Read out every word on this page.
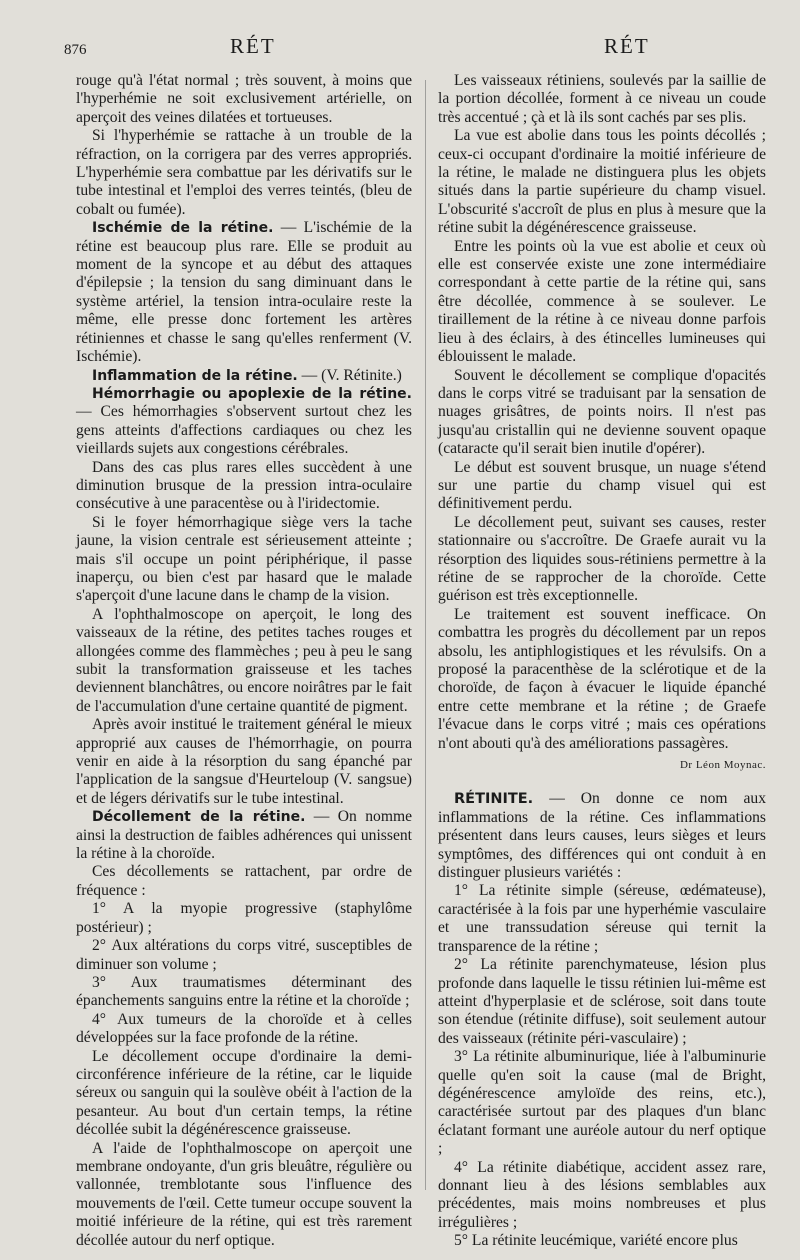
876	RÉT	RÉT

rouge qu'à l'état normal ; très souvent, à moins que l'hyperhémie ne soit exclusivement artérielle, on aperçoit des veines dilatées et tortueuses.

Si l'hyperhémie se rattache à un trouble de la réfraction, on la corrigera par des verres appropriés. L'hyperhémie sera combattue par les dérivatifs sur le tube intestinal et l'emploi des verres teintés, (bleu de cobalt ou fumée).

Ischémie de la rétine. — L'ischémie de la rétine est beaucoup plus rare. Elle se produit au moment de la syncope et au début des attaques d'épilepsie ; la tension du sang diminuant dans le système artériel, la tension intra-oculaire reste la même, elle presse donc fortement les artères rétiniennes et chasse le sang qu'elles renferment (V. Ischémie).

Inflammation de la rétine. — (V. Rétinite.)

Hémorrhagie ou apoplexie de la rétine. — Ces hémorrhagies s'observent surtout chez les gens atteints d'affections cardiaques ou chez les vieillards sujets aux congestions cérébrales.

Dans des cas plus rares elles succèdent à une diminution brusque de la pression intra-oculaire consécutive à une paracentèse ou à l'iridectomie.

Si le foyer hémorrhagique siège vers la tache jaune, la vision centrale est sérieusement atteinte ; mais s'il occupe un point périphérique, il passe inaperçu, ou bien c'est par hasard que le malade s'aperçoit d'une lacune dans le champ de la vision.

A l'ophthalmoscope on aperçoit, le long des vaisseaux de la rétine, des petites taches rouges et allongées comme des flammèches ; peu à peu le sang subit la transformation graisseuse et les taches deviennent blanchâtres, ou encore noirâtres par le fait de l'accumulation d'une certaine quantité de pigment.

Après avoir institué le traitement général le mieux approprié aux causes de l'hémorrhagie, on pourra venir en aide à la résorption du sang épanché par l'application de la sangsue d'Heurteloup (V. sangsue) et de légers dérivatifs sur le tube intestinal.

Décollement de la rétine. — On nomme ainsi la destruction de faibles adhérences qui unissent la rétine à la choroïde.

Ces décollements se rattachent, par ordre de fréquence :

1° A la myopie progressive (staphylôme postérieur) ;

2° Aux altérations du corps vitré, susceptibles de diminuer son volume ;

3° Aux traumatismes déterminant des épanchements sanguins entre la rétine et la choroïde ;

4° Aux tumeurs de la choroïde et à celles développées sur la face profonde de la rétine.

Le décollement occupe d'ordinaire la demi-circonférence inférieure de la rétine, car le liquide séreux ou sanguin qui la soulève obéit à l'action de la pesanteur. Au bout d'un certain temps, la rétine décollée subit la dégénérescence graisseuse.

A l'aide de l'ophthalmoscope on aperçoit une membrane ondoyante, d'un gris bleuâtre, régulière ou vallonnée, tremblotante sous l'influence des mouvements de l'œil. Cette tumeur occupe souvent la moitié inférieure de la rétine, qui est très rarement décollée autour du nerf optique.

Les vaisseaux rétiniens, soulevés par la saillie de la portion décollée, forment à ce niveau un coude très accentué ; çà et là ils sont cachés par ses plis.

La vue est abolie dans tous les points décollés ; ceux-ci occupant d'ordinaire la moitié inférieure de la rétine, le malade ne distinguera plus les objets situés dans la partie supérieure du champ visuel. L'obscurité s'accroît de plus en plus à mesure que la rétine subit la dégénérescence graisseuse.

Entre les points où la vue est abolie et ceux où elle est conservée existe une zone intermédiaire correspondant à cette partie de la rétine qui, sans être décollée, commence à se soulever. Le tiraillement de la rétine à ce niveau donne parfois lieu à des éclairs, à des étincelles lumineuses qui éblouissent le malade.

Souvent le décollement se complique d'opacités dans le corps vitré se traduisant par la sensation de nuages grisâtres, de points noirs. Il n'est pas jusqu'au cristallin qui ne devienne souvent opaque (cataracte qu'il serait bien inutile d'opérer).

Le début est souvent brusque, un nuage s'étend sur une partie du champ visuel qui est définitivement perdu.

Le décollement peut, suivant ses causes, rester stationnaire ou s'accroître. De Graefe aurait vu la résorption des liquides sous-rétiniens permettre à la rétine de se rapprocher de la choroïde. Cette guérison est très exceptionnelle.

Le traitement est souvent inefficace. On combattra les progrès du décollement par un repos absolu, les antiphlogistiques et les révulsifs. On a proposé la paracenthèse de la sclérotique et de la choroïde, de façon à évacuer le liquide épanché entre cette membrane et la rétine ; de Graefe l'évacue dans le corps vitré ; mais ces opérations n'ont abouti qu'à des améliorations passagères.

Dr Léon Moynac.

RÉTINITE. — On donne ce nom aux inflammations de la rétine. Ces inflammations présentent dans leurs causes, leurs sièges et leurs symptômes, des différences qui ont conduit à en distinguer plusieurs variétés :

1° La rétinite simple (séreuse, œdémateuse), caractérisée à la fois par une hyperhémie vasculaire et une transsudation séreuse qui ternit la transparence de la rétine ;

2° La rétinite parenchymateuse, lésion plus profonde dans laquelle le tissu rétinien lui-même est atteint d'hyperplasie et de sclérose, soit dans toute son étendue (rétinite diffuse), soit seulement autour des vaisseaux (rétinite péri-vasculaire) ;

3° La rétinite albuminurique, liée à l'albuminurie quelle qu'en soit la cause (mal de Bright, dégénérescence amyloïde des reins, etc.), caractérisée surtout par des plaques d'un blanc éclatant formant une auréole autour du nerf optique ;

4° La rétinite diabétique, accident assez rare, donnant lieu à des lésions semblables aux précédentes, mais moins nombreuses et plus irrégulières ;

5° La rétinite leucémique, variété encore plus
